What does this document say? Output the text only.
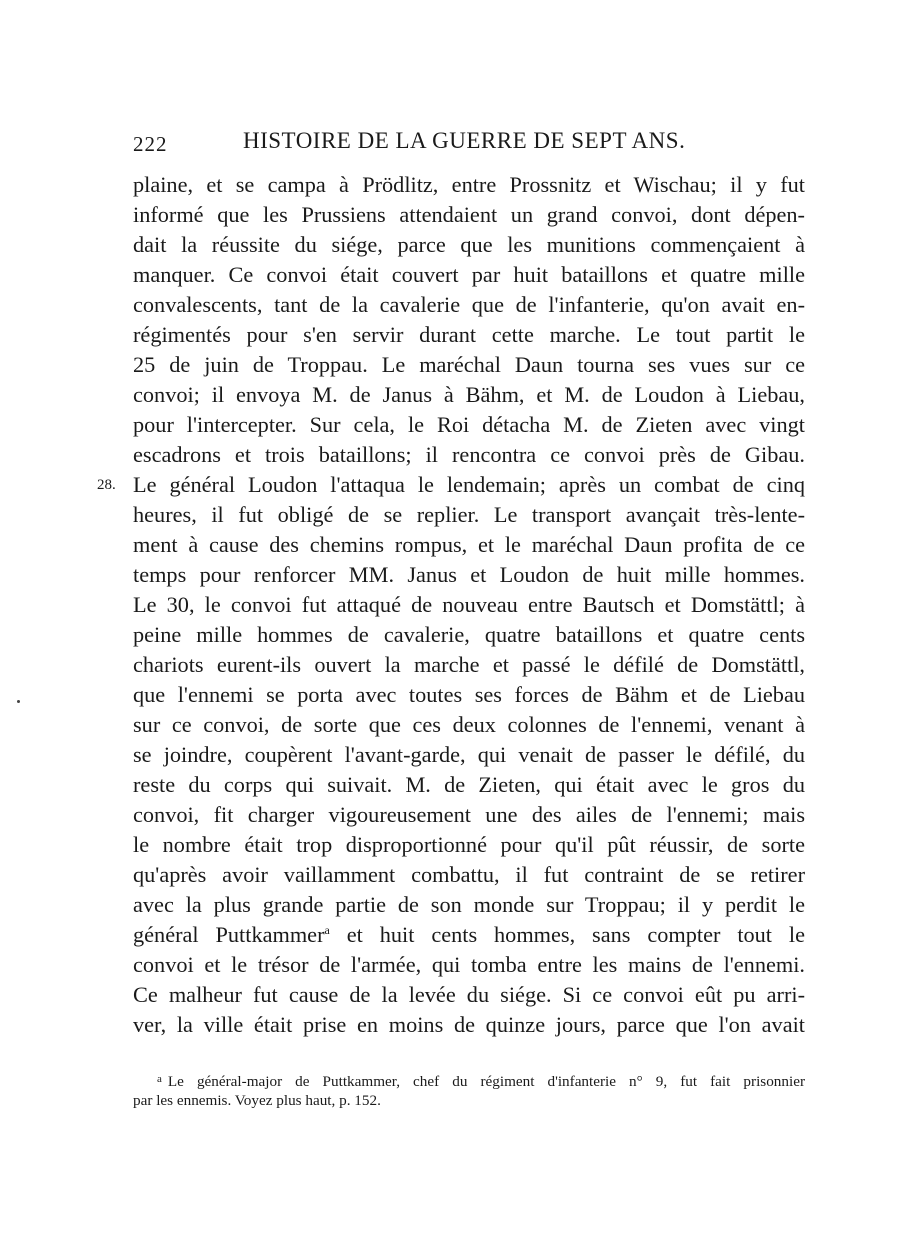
222	HISTOIRE DE LA GUERRE DE SEPT ANS.
plaine, et se campa à Prödlitz, entre Prossnitz et Wischau; il y fut
informé que les Prussiens attendaient un grand convoi, dont dépen-
dait la réussite du siége, parce que les munitions commençaient à
manquer. Ce convoi était couvert par huit bataillons et quatre mille
convalescents, tant de la cavalerie que de l'infanterie, qu'on avait en-
régimentés pour s'en servir durant cette marche. Le tout partit le
25 de juin de Troppau. Le maréchal Daun tourna ses vues sur ce
convoi; il envoya M. de Janus à Bähm, et M. de Loudon à Liebau,
pour l'intercepter. Sur cela, le Roi détacha M. de Zieten avec vingt
escadrons et trois bataillons; il rencontra ce convoi près de Gibau.
28. Le général Loudon l'attaqua le lendemain; après un combat de cinq
heures, il fut obligé de se replier. Le transport avançait très-lente-
ment à cause des chemins rompus, et le maréchal Daun profita de ce
temps pour renforcer MM. Janus et Loudon de huit mille hommes.
Le 30, le convoi fut attaqué de nouveau entre Bautsch et Domstättl; à
peine mille hommes de cavalerie, quatre bataillons et quatre cents
chariots eurent-ils ouvert la marche et passé le défilé de Domstättl,
que l'ennemi se porta avec toutes ses forces de Bähm et de Liebau
sur ce convoi, de sorte que ces deux colonnes de l'ennemi, venant à
se joindre, coupèrent l'avant-garde, qui venait de passer le défilé, du
reste du corps qui suivait. M. de Zieten, qui était avec le gros du
convoi, fit charger vigoureusement une des ailes de l'ennemi; mais
le nombre était trop disproportionné pour qu'il pût réussir, de sorte
qu'après avoir vaillamment combattu, il fut contraint de se retirer
avec la plus grande partie de son monde sur Troppau; il y perdit le
général Puttkammer$^a$ et huit cents hommes, sans compter tout le
convoi et le trésor de l'armée, qui tomba entre les mains de l'ennemi.
Ce malheur fut cause de la levée du siége. Si ce convoi eût pu arri-
ver, la ville était prise en moins de quinze jours, parce que l'on avait
$^a$ Le général-major de Puttkammer, chef du régiment d'infanterie n° 9, fut fait prisonnier
par les ennemis. Voyez plus haut, p. 152.
